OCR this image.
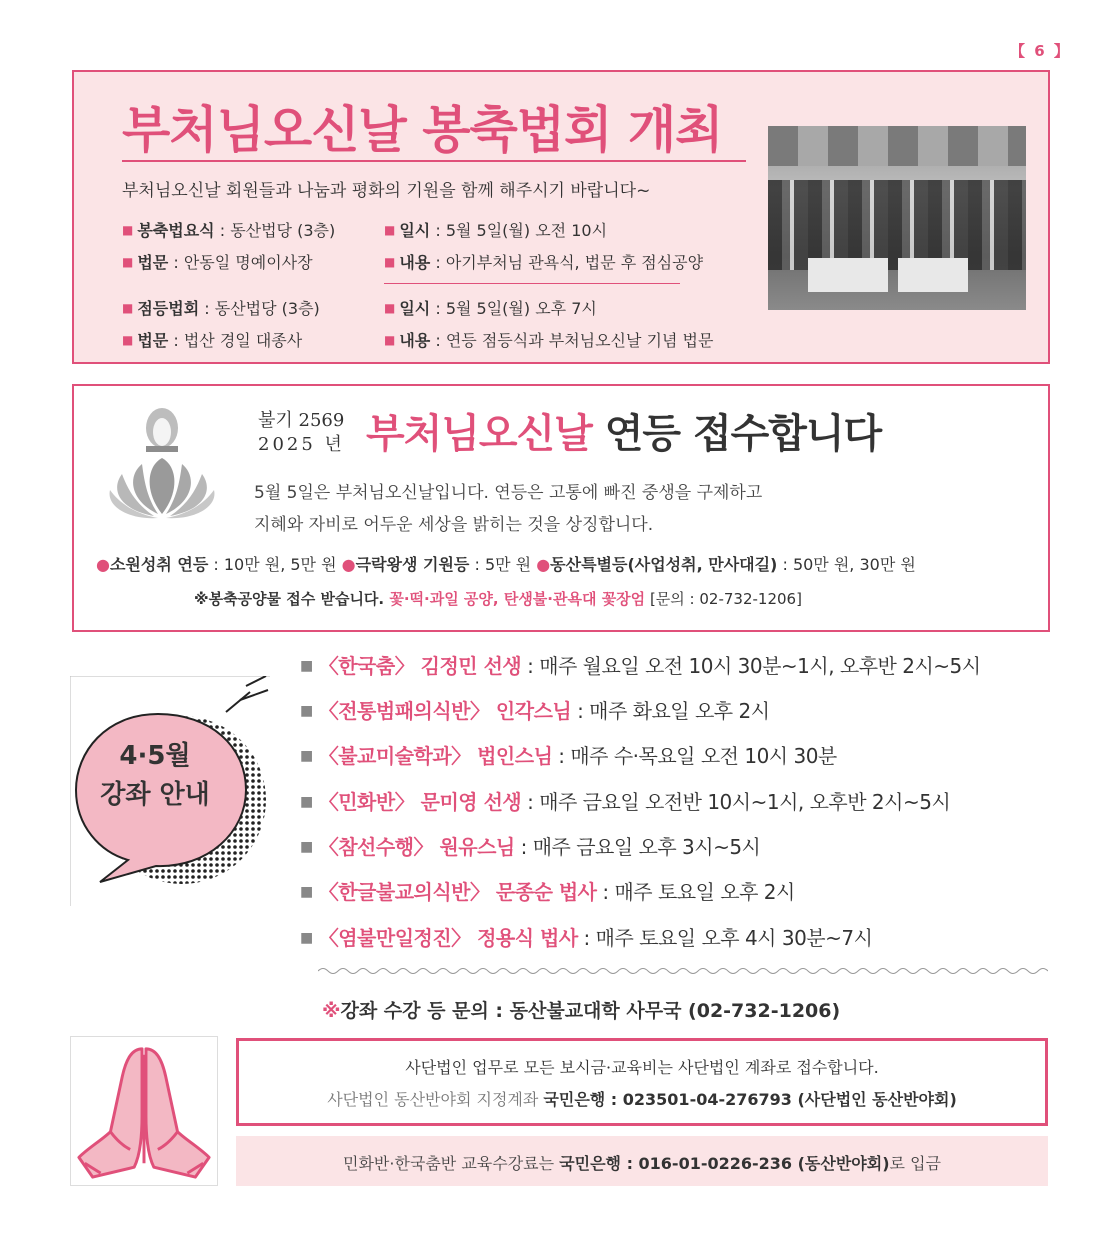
【 6 】
부처님오신날 봉축법회 개최
부처님오신날 회원들과 나눔과 평화의 기원을 함께 해주시기 바랍니다~
■ 봉축법요식 : 동산법당 (3층)	■ 일시 : 5월 5일(월) 오전 10시
■ 법문 : 안동일 명예이사장	■ 내용 : 아기부처님 관욕식, 법문 후 점심공양
■ 점등법회 : 동산법당 (3층)	■ 일시 : 5월 5일(월) 오후 7시
■ 법문 : 법산 경일 대종사	■ 내용 : 연등 점등식과 부처님오신날 기념 법문
불기 2569
2025 년 부처님오신날 연등 접수합니다
5월 5일은 부처님오신날입니다. 연등은 고통에 빠진 중생을 구제하고
지혜와 자비로 어두운 세상을 밝히는 것을 상징합니다.
●소원성취 연등 : 10만 원, 5만 원 ●극락왕생 기원등 : 5만 원 ●동산특별등(사업성취, 만사대길) : 50만 원, 30만 원
※봉축공양물 접수 받습니다. 꽃·떡·과일 공양, 탄생불·관욕대 꽃장엄 [문의 : 02-732-1206]
4·5월
강좌 안내
■ 〈한국춤〉 김정민 선생 : 매주 월요일 오전 10시 30분~1시, 오후반 2시~5시
■ 〈전통범패의식반〉 인각스님 : 매주 화요일 오후 2시
■ 〈불교미술학과〉 법인스님 : 매주 수·목요일 오전 10시 30분
■ 〈민화반〉 문미영 선생 : 매주 금요일 오전반 10시~1시, 오후반 2시~5시
■ 〈참선수행〉 원유스님 : 매주 금요일 오후 3시~5시
■ 〈한글불교의식반〉 문종순 법사 : 매주 토요일 오후 2시
■ 〈염불만일정진〉 정용식 법사 : 매주 토요일 오후 4시 30분~7시
※강좌 수강 등 문의 : 동산불교대학 사무국 (02-732-1206)
사단법인 업무로 모든 보시금·교육비는 사단법인 계좌로 접수합니다.
사단법인 동산반야회 지정계좌 국민은행 : 023501-04-276793 (사단법인 동산반야회)
민화반·한국춤반 교육수강료는 국민은행 : 016-01-0226-236 (동산반야회)로 입금
